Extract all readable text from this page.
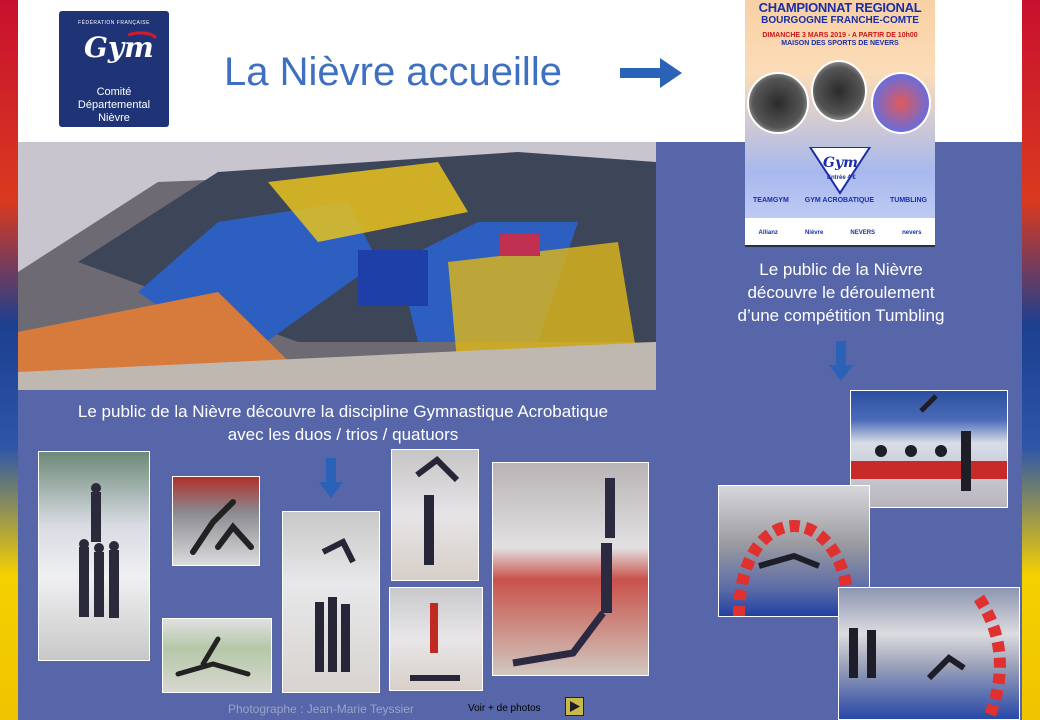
FÉDÉRATION FRANÇAISE
Gym
Comité
Départemental
Nièvre
La Nièvre accueille
CHAMPIONNAT REGIONAL
BOURGOGNE FRANCHE-COMTE
DIMANCHE 3 MARS 2019 - A PARTIR DE 10h00
MAISON DES SPORTS DE NEVERS
Gym
Entrée 4 €
TEAMGYM GYM ACROBATIQUE TUMBLING
Allianz	Nièvre	NEVERS	nevers
Le public de la Nièvre
découvre le déroulement
d’une compétition Tumbling
Le public de la Nièvre découvre la discipline Gymnastique Acrobatique
avec les duos / trios / quatuors
Photographe : Jean-Marie Teyssier	Voir + de photos
